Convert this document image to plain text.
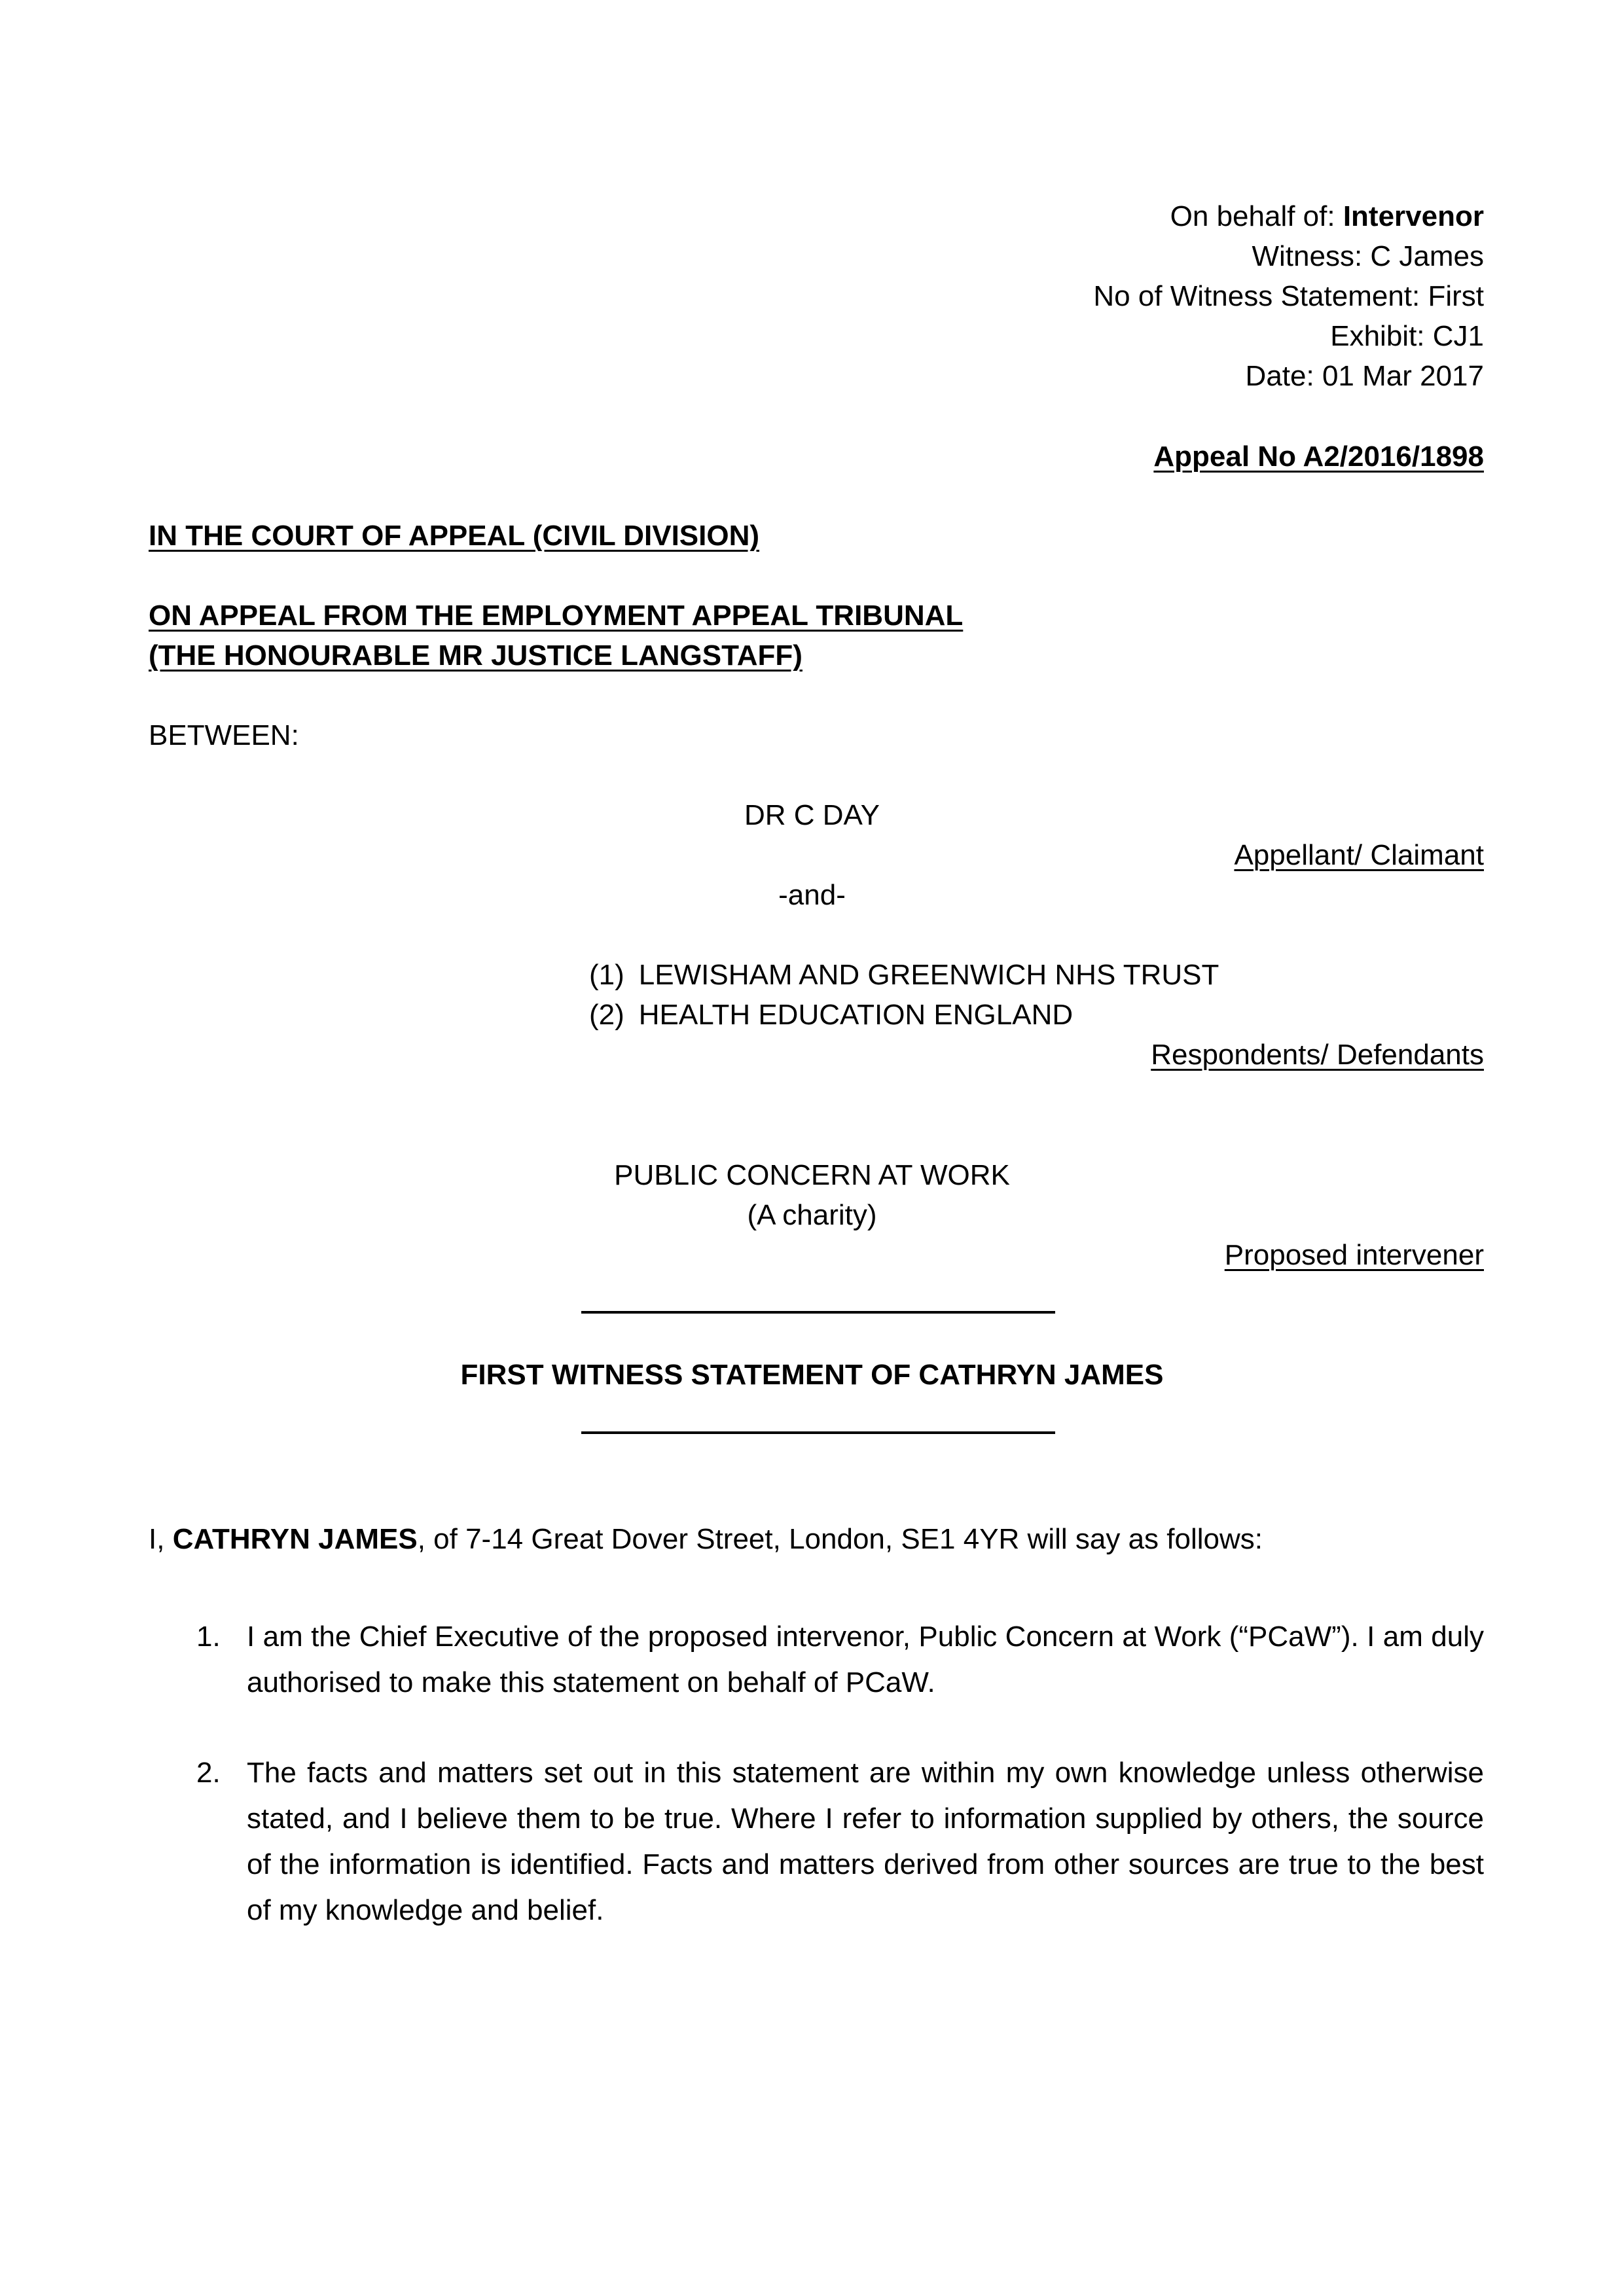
On behalf of: Intervenor
Witness: C James
No of Witness Statement: First
Exhibit: CJ1
Date: 01 Mar 2017
Appeal No A2/2016/1898
IN THE COURT OF APPEAL (CIVIL DIVISION)
ON APPEAL FROM THE EMPLOYMENT APPEAL TRIBUNAL
(THE HONOURABLE MR JUSTICE LANGSTAFF)
BETWEEN:
DR C DAY
Appellant/ Claimant
-and-
(1) LEWISHAM AND GREENWICH NHS TRUST
(2) HEALTH EDUCATION ENGLAND
Respondents/ Defendants
PUBLIC CONCERN AT WORK
(A charity)
Proposed intervener
FIRST WITNESS STATEMENT OF CATHRYN JAMES
I, CATHRYN JAMES, of 7-14 Great Dover Street, London, SE1 4YR will say as follows:
1. I am the Chief Executive of the proposed intervenor, Public Concern at Work (“PCaW”). I am duly authorised to make this statement on behalf of PCaW.
2. The facts and matters set out in this statement are within my own knowledge unless otherwise stated, and I believe them to be true. Where I refer to information supplied by others, the source of the information is identified. Facts and matters derived from other sources are true to the best of my knowledge and belief.
